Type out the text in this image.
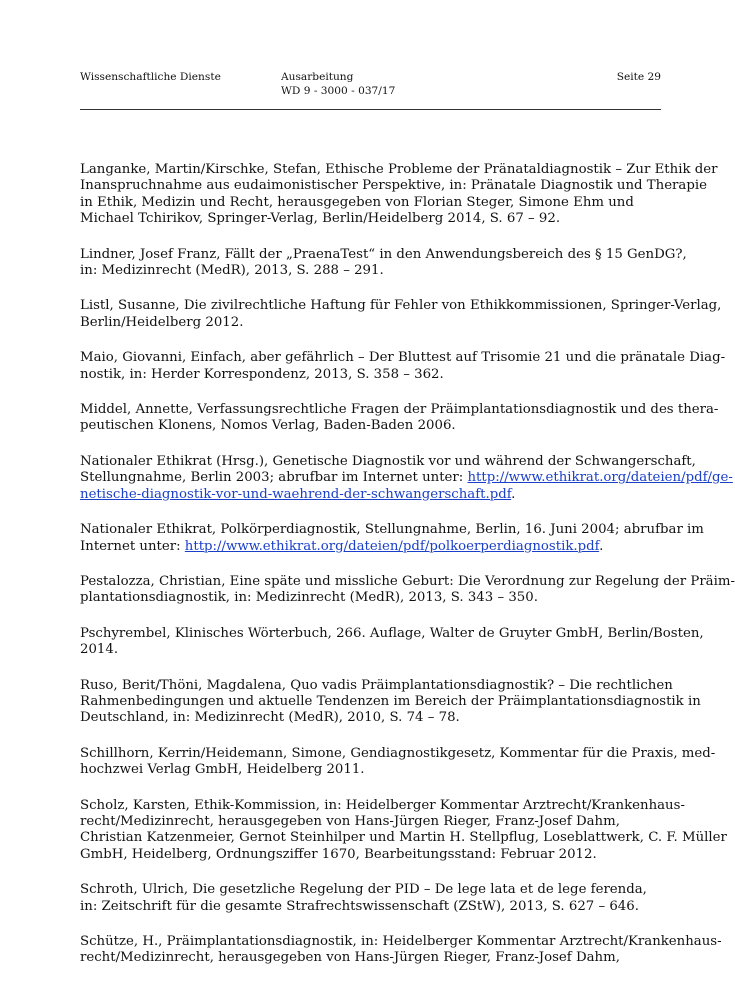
Wissenschaftliche Dienste	Ausarbeitung
WD 9 - 3000 - 037/17
Seite 29

Langanke, Martin/Kirschke, Stefan, Ethische Probleme der Pränataldiagnostik – Zur Ethik der
Inanspruchnahme aus eudaimonistischer Perspektive, in: Pränatale Diagnostik und Therapie
in Ethik, Medizin und Recht, herausgegeben von Florian Steger, Simone Ehm und
Michael Tchirikov, Springer-Verlag, Berlin/Heidelberg 2014, S. 67 – 92.

Lindner, Josef Franz, Fällt der „PraenaTest“ in den Anwendungsbereich des § 15 GenDG?,
in: Medizinrecht (MedR), 2013, S. 288 – 291.

Listl, Susanne, Die zivilrechtliche Haftung für Fehler von Ethikkommissionen, Springer-Verlag,
Berlin/Heidelberg 2012.

Maio, Giovanni, Einfach, aber gefährlich – Der Bluttest auf Trisomie 21 und die pränatale Diag-
nostik, in: Herder Korrespondenz, 2013, S. 358 – 362.

Middel, Annette, Verfassungsrechtliche Fragen der Präimplantationsdiagnostik und des thera-
peutischen Klonens, Nomos Verlag, Baden-Baden 2006.

Nationaler Ethikrat (Hrsg.), Genetische Diagnostik vor und während der Schwangerschaft,
Stellungnahme, Berlin 2003; abrufbar im Internet unter: http://www.ethikrat.org/dateien/pdf/ge-
netische-diagnostik-vor-und-waehrend-der-schwangerschaft.pdf.

Nationaler Ethikrat, Polkörperdiagnostik, Stellungnahme, Berlin, 16. Juni 2004; abrufbar im
Internet unter: http://www.ethikrat.org/dateien/pdf/polkoerperdiagnostik.pdf.

Pestalozza, Christian, Eine späte und missliche Geburt: Die Verordnung zur Regelung der Präim-
plantationsdiagnostik, in: Medizinrecht (MedR), 2013, S. 343 – 350.

Pschyrembel, Klinisches Wörterbuch, 266. Auflage, Walter de Gruyter GmbH, Berlin/Bosten,
2014.

Ruso, Berit/Thöni, Magdalena, Quo vadis Präimplantationsdiagnostik? – Die rechtlichen
Rahmenbedingungen und aktuelle Tendenzen im Bereich der Präimplantationsdiagnostik in
Deutschland, in: Medizinrecht (MedR), 2010, S. 74 – 78.

Schillhorn, Kerrin/Heidemann, Simone, Gendiagnostikgesetz, Kommentar für die Praxis, med-
hochzwei Verlag GmbH, Heidelberg 2011.

Scholz, Karsten, Ethik-Kommission, in: Heidelberger Kommentar Arztrecht/Krankenhaus-
recht/Medizinrecht, herausgegeben von Hans-Jürgen Rieger, Franz-Josef Dahm,
Christian Katzenmeier, Gernot Steinhilper und Martin H. Stellpflug, Loseblattwerk, C. F. Müller
GmbH, Heidelberg, Ordnungsziffer 1670, Bearbeitungsstand: Februar 2012.

Schroth, Ulrich, Die gesetzliche Regelung der PID – De lege lata et de lege ferenda,
in: Zeitschrift für die gesamte Strafrechtswissenschaft (ZStW), 2013, S. 627 – 646.

Schütze, H., Präimplantationsdiagnostik, in: Heidelberger Kommentar Arztrecht/Krankenhaus-
recht/Medizinrecht, herausgegeben von Hans-Jürgen Rieger, Franz-Josef Dahm,
